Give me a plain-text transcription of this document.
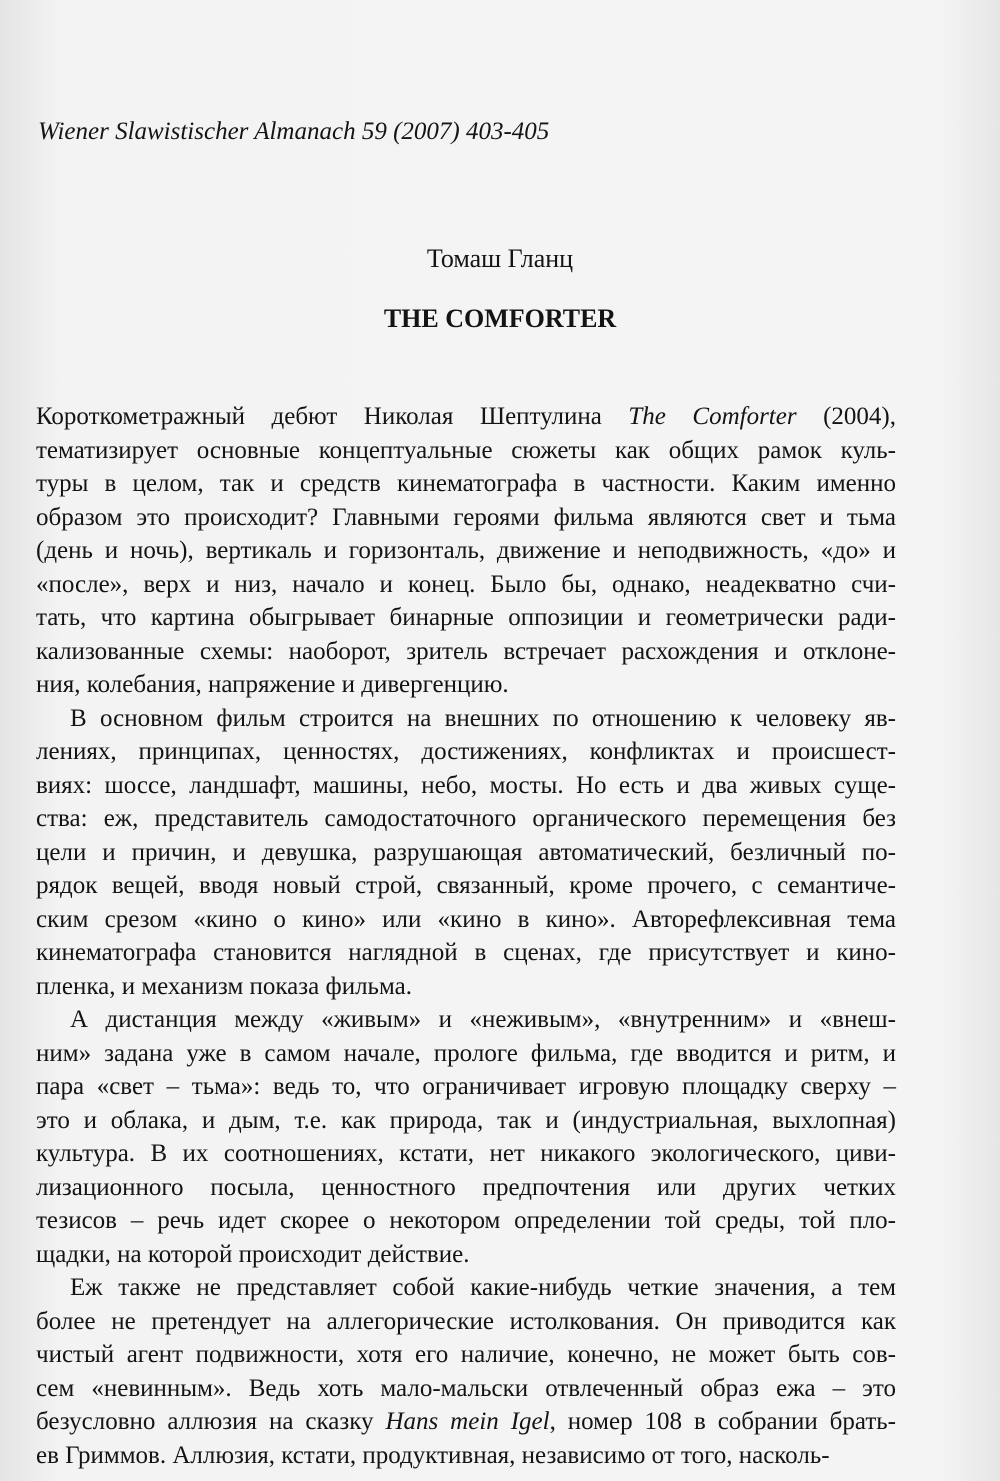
Wiener Slawistischer Almanach 59 (2007) 403-405
Томаш Гланц
THE COMFORTER
Короткометражный дебют Николая Шептулина The Comforter (2004),
тематизирует основные концептуальные сюжеты как общих рамок куль-
туры в целом, так и средств кинематографа в частности. Каким именно
образом это происходит? Главными героями фильма являются свет и тьма
(день и ночь), вертикаль и горизонталь, движение и неподвижность, «до» и
«после», верх и низ, начало и конец. Было бы, однако, неадекватно счи-
тать, что картина обыгрывает бинарные оппозиции и геометрически ради-
кализованные схемы: наоборот, зритель встречает расхождения и отклоне-
ния, колебания, напряжение и дивергенцию.
В основном фильм строится на внешних по отношению к человеку яв-
лениях, принципах, ценностях, достижениях, конфликтах и происшест-
виях: шоссе, ландшафт, машины, небо, мосты. Но есть и два живых суще-
ства: еж, представитель самодостаточного органического перемещения без
цели и причин, и девушка, разрушающая автоматический, безличный по-
рядок вещей, вводя новый строй, связанный, кроме прочего, с семантиче-
ским срезом «кино о кино» или «кино в кино». Авторефлексивная тема
кинематографа становится наглядной в сценах, где присутствует и кино-
пленка, и механизм показа фильма.
А дистанция между «живым» и «неживым», «внутренним» и «внеш-
ним» задана уже в самом начале, прологе фильма, где вводится и ритм, и
пара «свет – тьма»: ведь то, что ограничивает игровую площадку сверху –
это и облака, и дым, т.е. как природа, так и (индустриальная, выхлопная)
культура. В их соотношениях, кстати, нет никакого экологического, циви-
лизационного посыла, ценностного предпочтения или других четких
тезисов – речь идет скорее о некотором определении той среды, той пло-
щадки, на которой происходит действие.
Еж также не представляет собой какие-нибудь четкие значения, а тем
более не претендует на аллегорические истолкования. Он приводится как
чистый агент подвижности, хотя его наличие, конечно, не может быть сов-
сем «невинным». Ведь хоть мало-мальски отвлеченный образ ежа – это
безусловно аллюзия на сказку Hans mein Igel, номер 108 в собрании брать-
ев Гриммов. Аллюзия, кстати, продуктивная, независимо от того, насколь-
